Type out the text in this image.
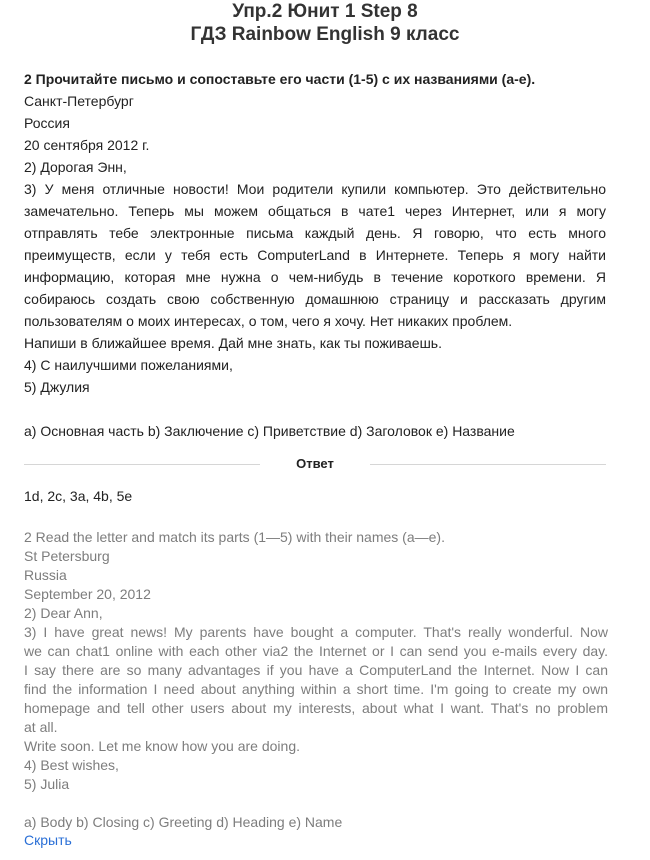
Упр.2 Юнит 1 Step 8
ГДЗ Rainbow English 9 класс
2 Прочитайте письмо и сопоставьте его части (1-5) с их названиями (а-е).
Санкт-Петербург
Россия
20 сентября 2012 г.
2) Дорогая Энн,
3) У меня отличные новости! Мои родители купили компьютер. Это действительно
замечательно. Теперь мы можем общаться в чате1 через Интернет, или я могу
отправлять тебе электронные письма каждый день. Я говорю, что есть много
преимуществ, если у тебя есть ComputerLand в Интернете. Теперь я могу найти
информацию, которая мне нужна о чем-нибудь в течение короткого времени. Я
собираюсь создать свою собственную домашнюю страницу и рассказать другим
пользователям о моих интересах, о том, чего я хочу. Нет никаких проблем.
Напиши в ближайшее время. Дай мне знать, как ты поживаешь.
4) С наилучшими пожеланиями,
5) Джулия
а) Основная часть b) Заключение c) Приветствие d) Заголовок e) Название
Ответ
1d, 2c, 3a, 4b, 5e
2 Read the letter and match its parts (1—5) with their names (a—e).
St Petersburg
Russia
September 20, 2012
2) Dear Ann,
3) I have great news! My parents have bought a computer. That's really wonderful. Now
we can chat1 online with each other via2 the Internet or I can send you e-mails every day.
I say there are so many advantages if you have a ComputerLand the Internet. Now I can
find the information I need about anything within a short time. I'm going to create my own
homepage and tell other users about my interests, about what I want. That's no problem
at all.
Write soon. Let me know how you are doing.
4) Best wishes,
5) Julia
a) Body b) Closing c) Greeting d) Heading e) Name
Скрыть
